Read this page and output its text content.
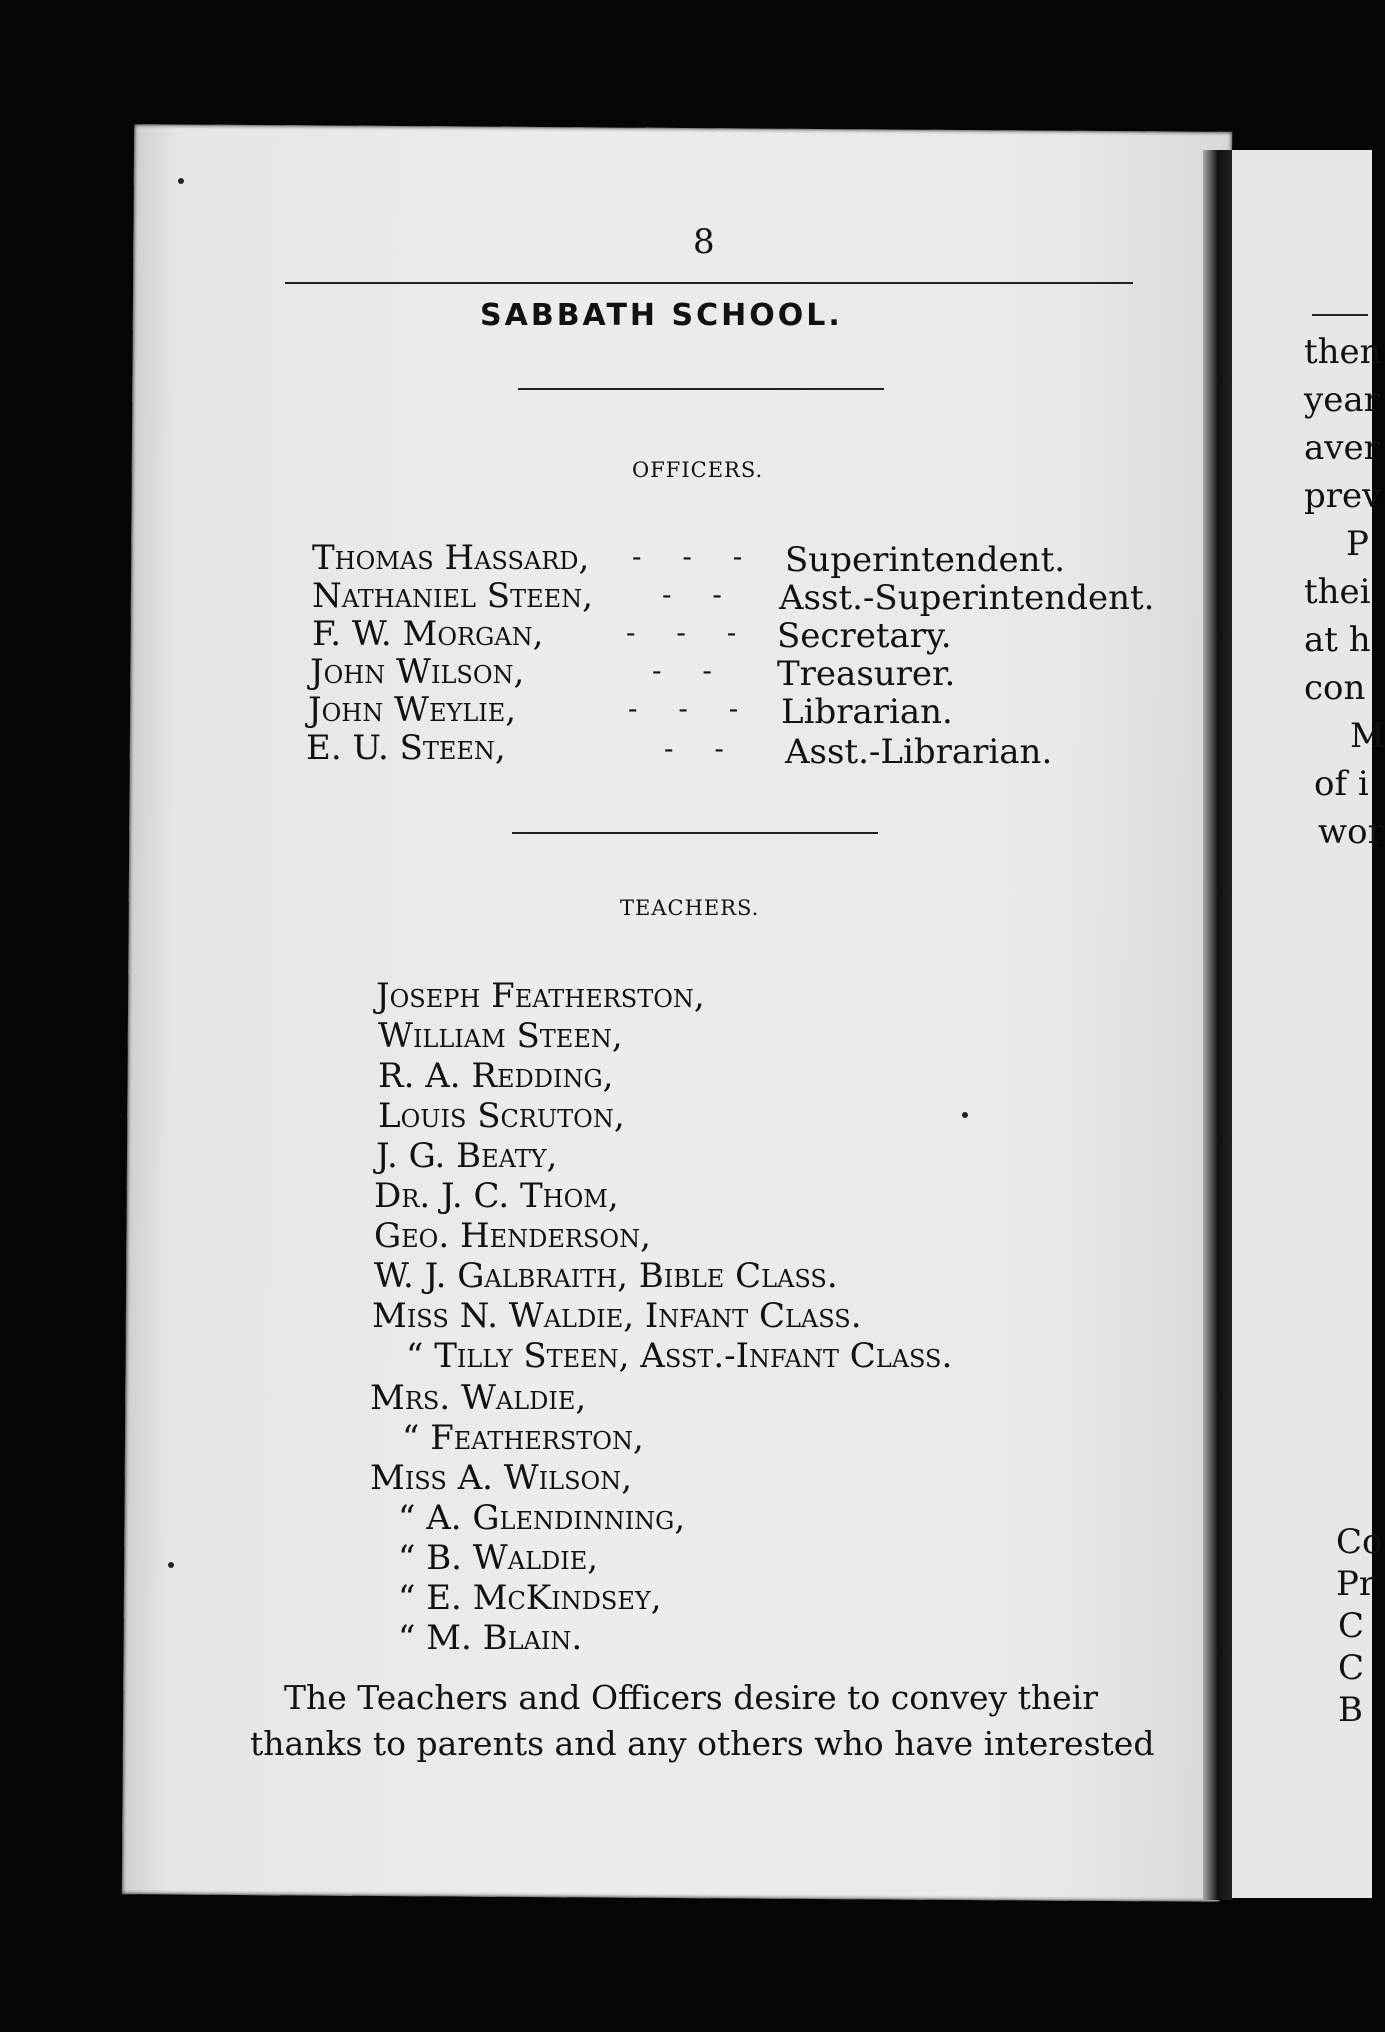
8
SABBATH SCHOOL.
OFFICERS.
Thomas Hassard, - - - Superintendent.
Nathaniel Steen, - - Asst.-Superintendent.
F. W. Morgan,	- - - Secretary.
John Wilson,	- - Treasurer.
John Weylie,	- - - Librarian.
E. U. Steen,	- - Asst.-Librarian.
TEACHERS.
Joseph Featherston,
William Steen,
R. A. Redding,
Louis Scruton,
J. G. Beaty,
Dr. J. C. Thom,
Geo. Henderson,
W. J. Galbraith, Bible Class.
Miss N. Waldie, Infant Class.
“ Tilly Steen, Asst.-Infant Class.
Mrs. Waldie,
“ Featherston,
Miss A. Wilson,
“ A. Glendinning,
“ B. Waldie,
“ E. McKindsey,
“ M. Blain.
The Teachers and Officers desire to convey their
thanks to parents and any others who have interested
then
year
aver
prev
P
thei
at h
con
M
of i
wor
Co
Pr
C
C
B
